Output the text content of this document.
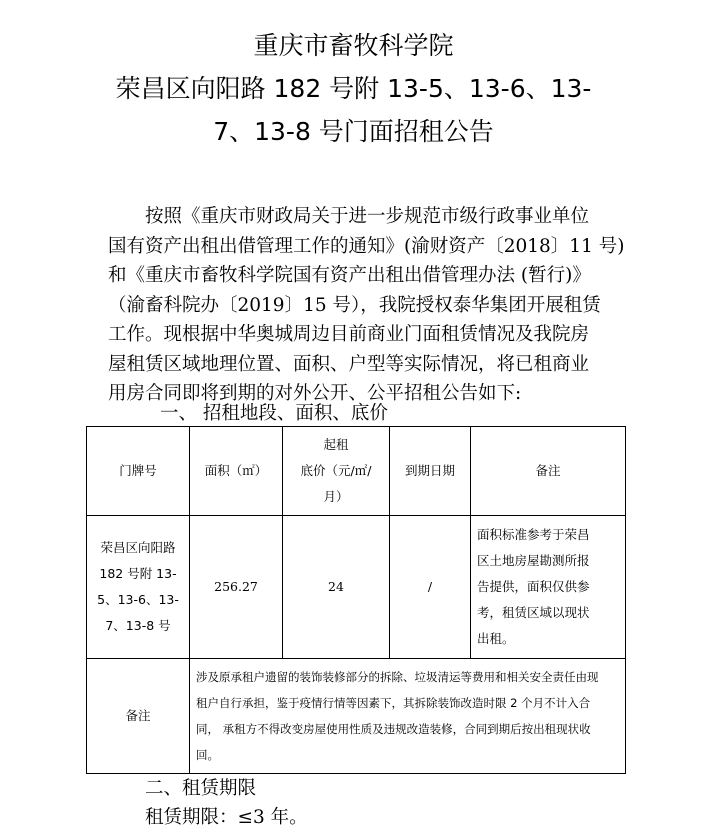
重庆市畜牧科学院
荣昌区向阳路 182 号附 13-5、13-6、13-
7、13-8 号门面招租公告

按照《重庆市财政局关于进一步规范市级行政事业单位

国有资产出租出借管理工作的通知》(渝财资产〔2018〕11 号)

和《重庆市畜牧科学院国有资产出租出借管理办法 (暂行)》

（渝畜科院办〔2019〕15 号），我院授权泰华集团开展租赁

工作。现根据中华奥城周边目前商业门面租赁情况及我院房

屋租赁区域地理位置、面积、户型等实际情况，将已租商业

用房合同即将到期的对外公开、公平招租公告如下:

一、 招租地段、面积、底价
门牌号	面积（㎡）	起租
底价（元/㎡/
月）	到期日期	备注

荣昌区向阳路
182 号附 13-
5、13-6、13-
7、13-8 号	256.27	24	/	面积标准参考于荣昌
区土地房屋勘测所报
告提供，面积仅供参
考，租赁区域以现状
出租。

备注	涉及原承租户遗留的装饰装修部分的拆除、垃圾清运等费用和相关安全责任由现
租户自行承担，鉴于疫情行情等因素下，其拆除装饰改造时限 2 个月不计入合
同， 承租方不得改变房屋使用性质及违规改造装修，合同到期后按出租现状收
回。			
二、租赁期限
租赁期限：≤3 年。
